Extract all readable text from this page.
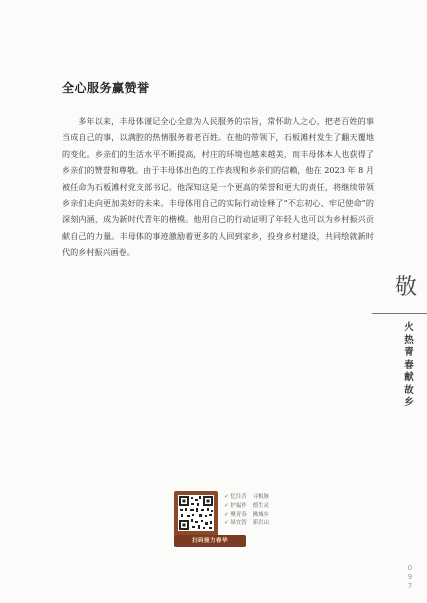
全心服务赢赞誉

多年以来，丰母体谨记全心全意为人民服务的宗旨，常怀助人之心，把老百姓的事当成自己的事，以满腔的热情服务着老百姓。在他的带领下，石板滩村发生了翻天覆地的变化。乡亲们的生活水平不断提高，村庄的环境也越来越美，而丰母体本人也获得了乡亲们的赞誉和尊敬。由于丰母体出色的工作表现和乡亲们的信赖，他在 2023 年 8 月被任命为石板滩村党支部书记。他深知这是一个更高的荣誉和更大的责任，将继续带领乡亲们走向更加美好的未来。丰母体用自己的实际行动诠释了“不忘初心、牢记使命”的深刻内涵，成为新时代青年的楷模。他用自己的行动证明了年轻人也可以为乡村振兴贡献自己的力量。丰母体的事迹激励着更多的人回到家乡，投身乡村建设，共同绘就新时代的乡村振兴画卷。

敬
火热青春献故乡
扫码接力春华
✓ 忆往昔 寻根脉
✓ 护福祚 德生灵
✓ 聚青春 拂城乡
✓ 绿宜智 新岩山
097
